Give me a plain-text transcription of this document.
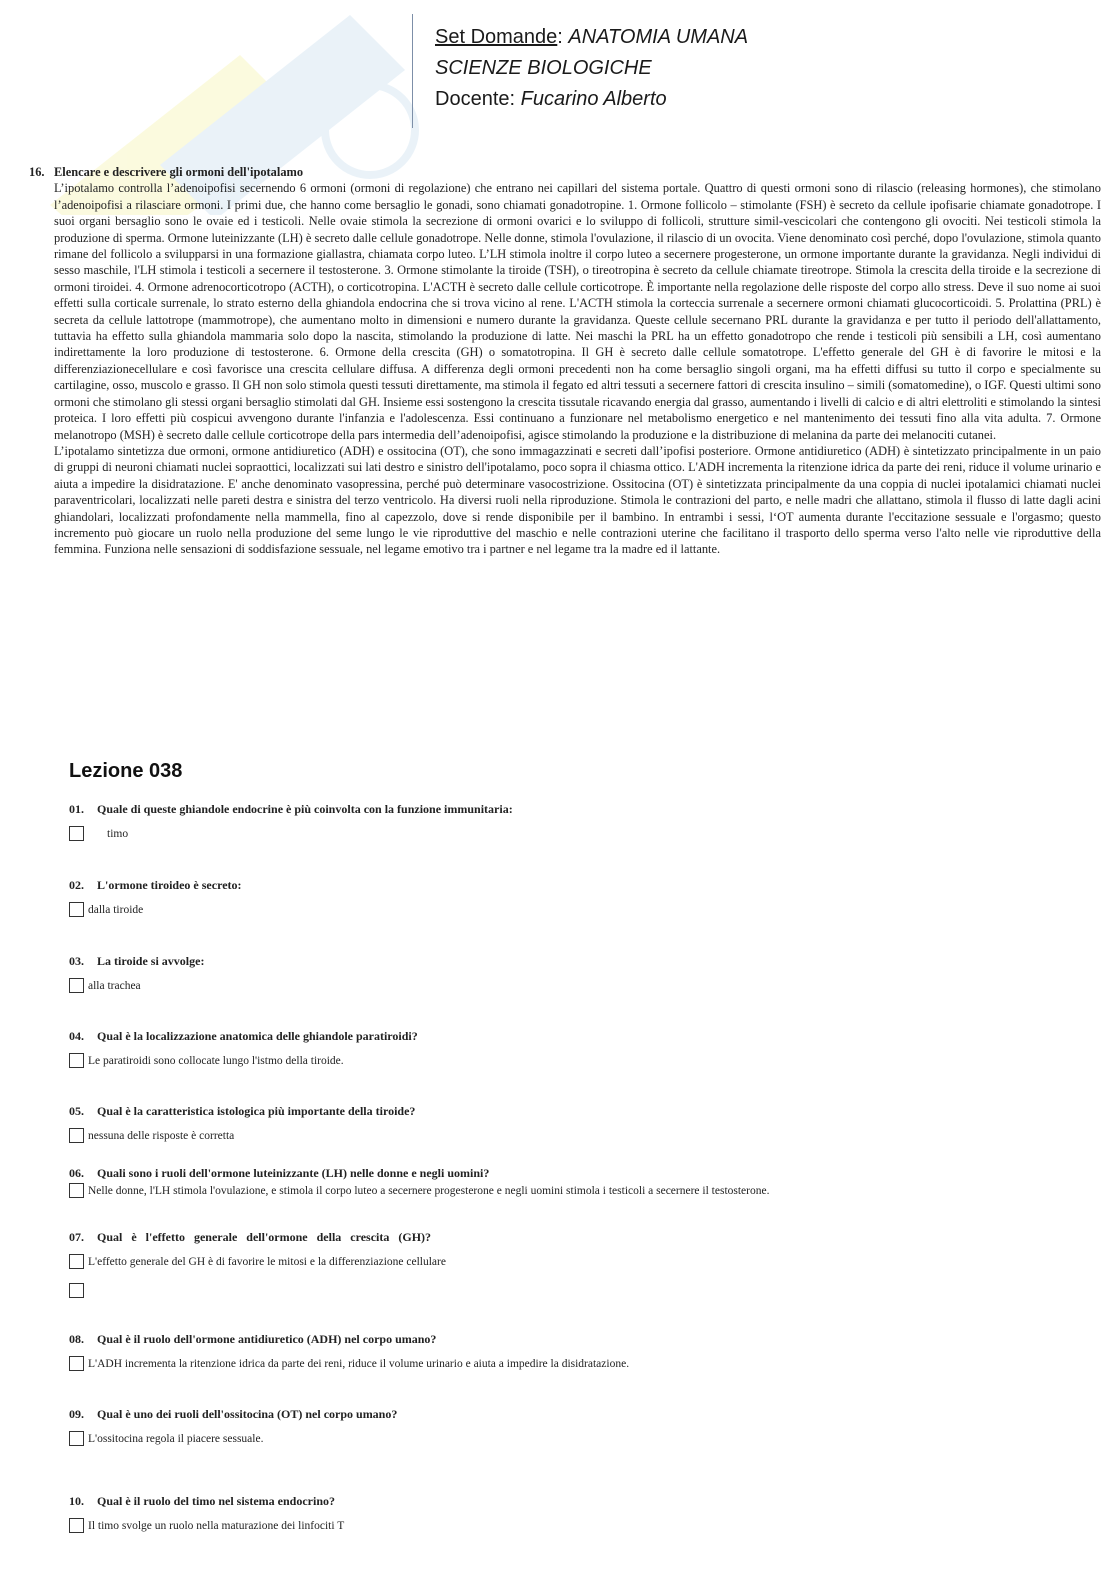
Set Domande: ANATOMIA UMANA
SCIENZE BIOLOGICHE
Docente: Fucarino Alberto
16. Elencare e descrivere gli ormoni dell'ipotalamo

L’ipotalamo controlla l’adenoipofisi secernendo 6 ormoni (ormoni di regolazione) che entrano nei capillari del sistema portale. Quattro di questi ormoni sono di rilascio (releasing hormones), che stimolano l’adenoipofisi a rilasciare ormoni. I primi due, che hanno come bersaglio le gonadi, sono chiamati gonadotropine. 1. Ormone follicolo – stimolante (FSH) è secreto da cellule ipofisarie chiamate gonadotrope. I suoi organi bersaglio sono le ovaie ed i testicoli. Nelle ovaie stimola la secrezione di ormoni ovarici e lo sviluppo di follicoli, strutture simil-vescicolari che contengono gli ovociti. Nei testicoli stimola la produzione di sperma. Ormone luteinizzante (LH) è secreto dalle cellule gonadotrope. Nelle donne, stimola l'ovulazione, il rilascio di un ovocita. Viene denominato così perché, dopo l'ovulazione, stimola quanto rimane del follicolo a svilupparsi in una formazione giallastra, chiamata corpo luteo. L’LH stimola inoltre il corpo luteo a secernere progesterone, un ormone importante durante la gravidanza. Negli individui di sesso maschile, l'LH stimola i testicoli a secernere il testosterone. 3. Ormone stimolante la tiroide (TSH), o tireotropina è secreto da cellule chiamate tireotrope. Stimola la crescita della tiroide e la secrezione di ormoni tiroidei. 4. Ormone adrenocorticotropo (ACTH), o corticotropina. L'ACTH è secreto dalle cellule corticotrope. È importante nella regolazione delle risposte del corpo allo stress. Deve il suo nome ai suoi effetti sulla corticale surrenale, lo strato esterno della ghiandola endocrina che si trova vicino al rene. L'ACTH stimola la corteccia surrenale a secernere ormoni chiamati glucocorticoidi. 5. Prolattina (PRL) è secreta da cellule lattotrope (mammotrope), che aumentano molto in dimensioni e numero durante la gravidanza. Queste cellule secernano PRL durante la gravidanza e per tutto il periodo dell'allattamento, tuttavia ha effetto sulla ghiandola mammaria solo dopo la nascita, stimolando la produzione di latte. Nei maschi la PRL ha un effetto gonadotropo che rende i testicoli più sensibili a LH, così aumentano indirettamente la loro produzione di testosterone. 6. Ormone della crescita (GH) o somatotropina. Il GH è secreto dalle cellule somatotrope. L'effetto generale del GH è di favorire le mitosi e la differenziazionecellulare e così favorisce una crescita cellulare diffusa. A differenza degli ormoni precedenti non ha come bersaglio singoli organi, ma ha effetti diffusi su tutto il corpo e specialmente su cartilagine, osso, muscolo e grasso. Il GH non solo stimola questi tessuti direttamente, ma stimola il fegato ed altri tessuti a secernere fattori di crescita insulino – simili (somatomedine), o IGF. Questi ultimi sono ormoni che stimolano gli stessi organi bersaglio stimolati dal GH. Insieme essi sostengono la crescita tissutale ricavando energia dal grasso, aumentando i livelli di calcio e di altri elettroliti e stimolando la sintesi proteica. I loro effetti più cospicui avvengono durante l'infanzia e l'adolescenza. Essi continuano a funzionare nel metabolismo energetico e nel mantenimento dei tessuti fino alla vita adulta. 7. Ormone melanotropo (MSH) è secreto dalle cellule corticotrope della pars intermedia dell’adenoipofisi, agisce stimolando la produzione e la distribuzione di melanina da parte dei melanociti cutanei.

L’ipotalamo sintetizza due ormoni, ormone antidiuretico (ADH) e ossitocina (OT), che sono immagazzinati e secreti dall’ipofisi posteriore. Ormone antidiuretico (ADH) è sintetizzato principalmente in un paio di gruppi di neuroni chiamati nuclei sopraottici, localizzati sui lati destro e sinistro dell'ipotalamo, poco sopra il chiasma ottico. L'ADH incrementa la ritenzione idrica da parte dei reni, riduce il volume urinario e aiuta a impedire la disidratazione. E' anche denominato vasopressina, perché può determinare vasocostrizione. Ossitocina (OT) è sintetizzata principalmente da una coppia di nuclei ipotalamici chiamati nuclei paraventricolari, localizzati nelle pareti destra e sinistra del terzo ventricolo. Ha diversi ruoli nella riproduzione. Stimola le contrazioni del parto, e nelle madri che allattano, stimola il flusso di latte dagli acini ghiandolari, localizzati profondamente nella mammella, fino al capezzolo, dove si rende disponibile per il bambino. In entrambi i sessi, l‘OT aumenta durante l'eccitazione sessuale e l'orgasmo; questo incremento può giocare un ruolo nella produzione del seme lungo le vie riproduttive del maschio e nelle contrazioni uterine che facilitano il trasporto dello sperma verso l'alto nelle vie riproduttive della femmina. Funziona nelle sensazioni di soddisfazione sessuale, nel legame emotivo tra i partner e nel legame tra la madre ed il lattante.

Lezione 038
01. Quale di queste ghiandole endocrine è più coinvolta con la funzione immunitaria:
timo
02. L'ormone tiroideo è secreto:
dalla tiroide
03. La tiroide si avvolge:
alla trachea
04. Qual è la localizzazione anatomica delle ghiandole paratiroidi?
Le paratiroidi sono collocate lungo l'istmo della tiroide.
05. Qual è la caratteristica istologica più importante della tiroide?
nessuna delle risposte è corretta
06. Quali sono i ruoli dell'ormone luteinizzante (LH) nelle donne e negli uomini?
Nelle donne, l'LH stimola l'ovulazione, e stimola il corpo luteo a secernere progesterone e negli uomini stimola i testicoli a secernere il testosterone.
07. Qual   è   l'effetto   generale   dell'ormone   della   crescita   (GH)?
L'effetto generale del GH è di favorire le mitosi e la differenziazione cellulare
08. Qual è il ruolo dell'ormone antidiuretico (ADH) nel corpo umano?
L'ADH incrementa la ritenzione idrica da parte dei reni, riduce il volume urinario e aiuta a impedire la disidratazione.
09. Qual è uno dei ruoli dell'ossitocina (OT) nel corpo umano?
L'ossitocina regola il piacere sessuale.
10. Qual è il ruolo del timo nel sistema endocrino?
Il timo svolge un ruolo nella maturazione dei linfociti T
